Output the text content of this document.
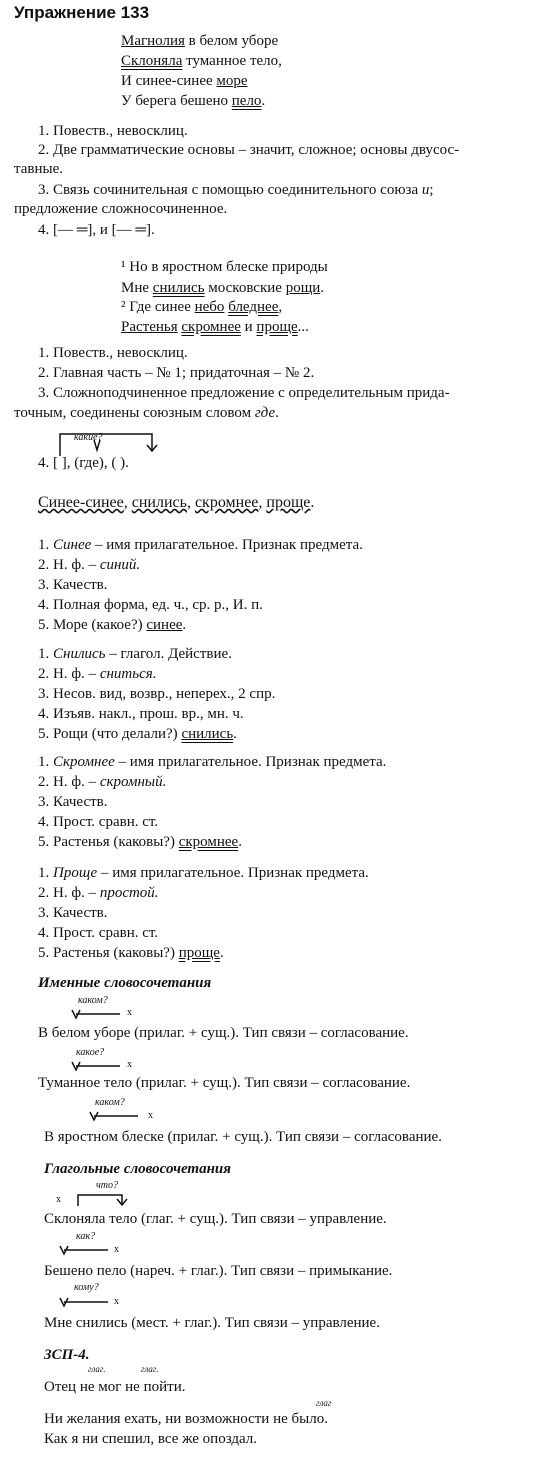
Упражнение 133
Магнолия в белом уборе
Склоняла туманное тело,
И синее-синее море
У берега бешено пело.
1. Повеств., невосклиц.
2. Две грамматические основы – значит, сложное; основы двусос-
тавные.
3. Связь сочинительная с помощью соединительного союза и;
предложение сложносочиненное.
4. [— ═], и [— ═].
¹ Но в яростном блеске природы
Мне снились московские рощи.
² Где синее небо бледнее,
Растенья скромнее и проще...
1. Повеств., невосклиц.
2. Главная часть – № 1; придаточная – № 2.
3. Сложноподчиненное предложение с определительным прида-
точным, соединены союзным словом где.
какие?
4. [ ], (где), ( ).
Синее-синее, снились, скромнее, проще.
1. Синее – имя прилагательное. Признак предмета.
2. Н. ф. – синий.
3. Качеств.
4. Полная форма, ед. ч., ср. р., И. п.
5. Море (какое?) синее.
1. Снились – глагол. Действие.
2. Н. ф. – сниться.
3. Несов. вид, возвр., неперех., 2 спр.
4. Изъяв. накл., прош. вр., мн. ч.
5. Рощи (что делали?) снились.
1. Скромнее – имя прилагательное. Признак предмета.
2. Н. ф. – скромный.
3. Качеств.
4. Прост. сравн. ст.
5. Растенья (каковы?) скромнее.
1. Проще – имя прилагательное. Признак предмета.
2. Н. ф. – простой.
3. Качеств.
4. Прост. сравн. ст.
5. Растенья (каковы?) проще.
Именные словосочетания
каком?
x
В белом уборе (прилаг. + сущ.). Тип связи – согласование.
какое?
x
Туманное тело (прилаг. + сущ.). Тип связи – согласование.
каком?
x
В яростном блеске (прилаг. + сущ.). Тип связи – согласование.
Глагольные словосочетания
что?
x
Склоняла тело (глаг. + сущ.). Тип связи – управление.
как?
x
Бешено пело (нареч. + глаг.). Тип связи – примыкание.
кому?
x
Мне снились (мест. + глаг.). Тип связи – управление.
ЗСП-4.
глаг.	глаг.
Отец не мог не пойти.
глаг
Ни желания ехать, ни возможности не было.
Как я ни спешил, все же опоздал.
